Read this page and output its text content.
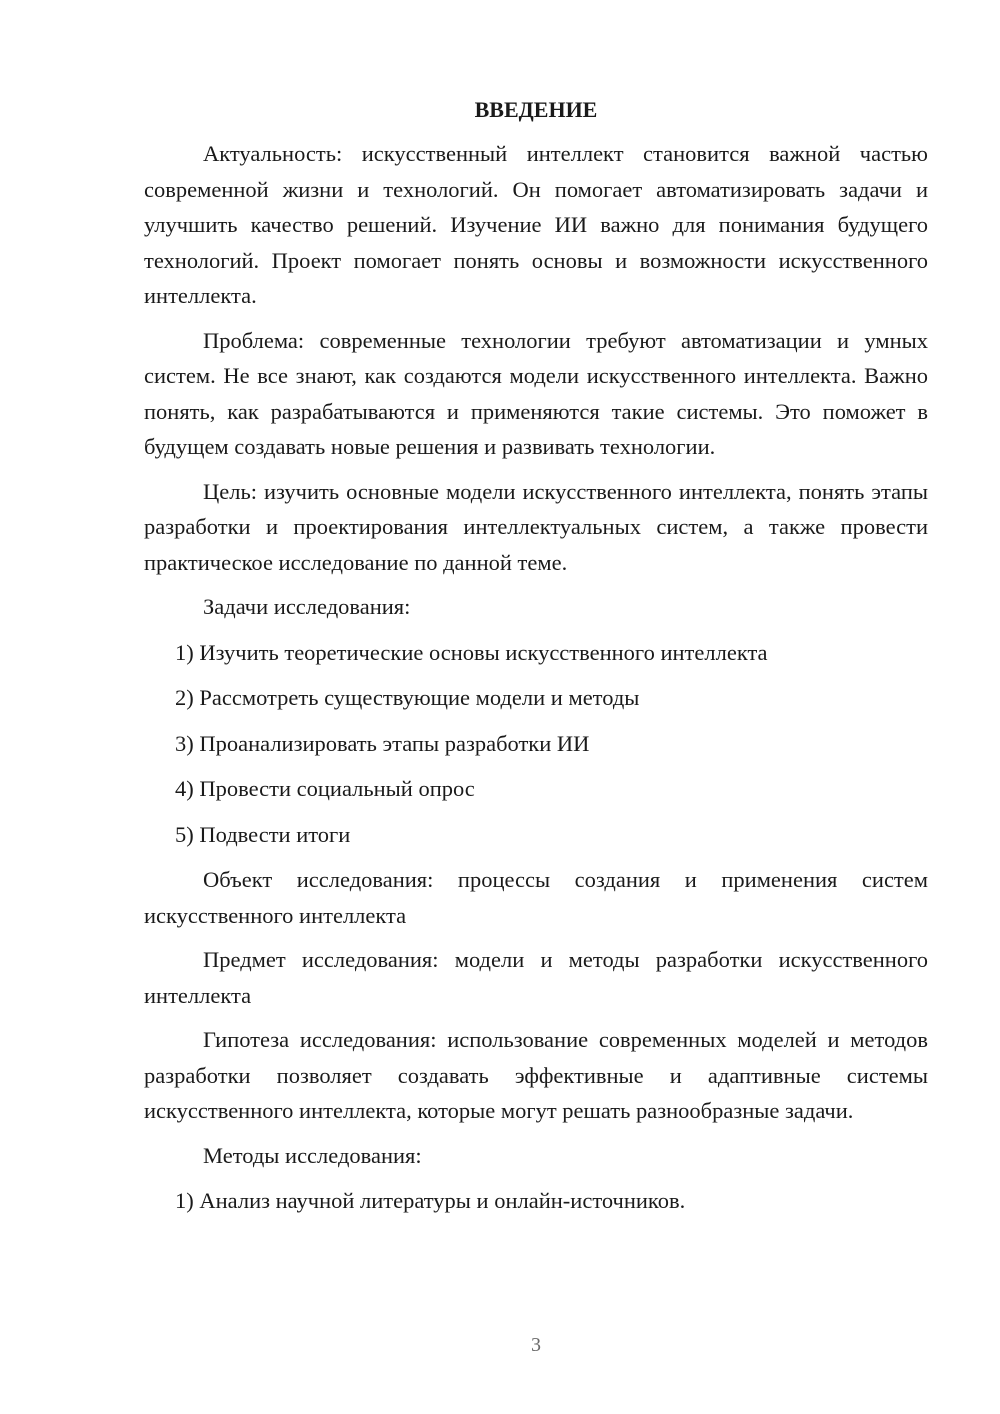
ВВЕДЕНИЕ

Актуальность: искусственный интеллект становится важной частью современной жизни и технологий. Он помогает автоматизировать задачи и улучшить качество решений. Изучение ИИ важно для понимания будущего технологий. Проект помогает понять основы и возможности искусственного интеллекта.

Проблема: современные технологии требуют автоматизации и умных систем. Не все знают, как создаются модели искусственного интеллекта. Важно понять, как разрабатываются и применяются такие системы. Это поможет в будущем создавать новые решения и развивать технологии.

Цель: изучить основные модели искусственного интеллекта, понять этапы разработки и проектирования интеллектуальных систем, а также провести практическое исследование по данной теме.

Задачи исследования:
1) Изучить теоретические основы искусственного интеллекта
2) Рассмотреть существующие модели и методы
3) Проанализировать этапы разработки ИИ
4) Провести социальный опрос
5) Подвести итоги

Объект исследования: процессы создания и применения систем искусственного интеллекта

Предмет исследования: модели и методы разработки искусственного интеллекта

Гипотеза исследования: использование современных моделей и методов разработки позволяет создавать эффективные и адаптивные системы искусственного интеллекта, которые могут решать разнообразные задачи.

Методы исследования:
1) Анализ научной литературы и онлайн-источников.
3
